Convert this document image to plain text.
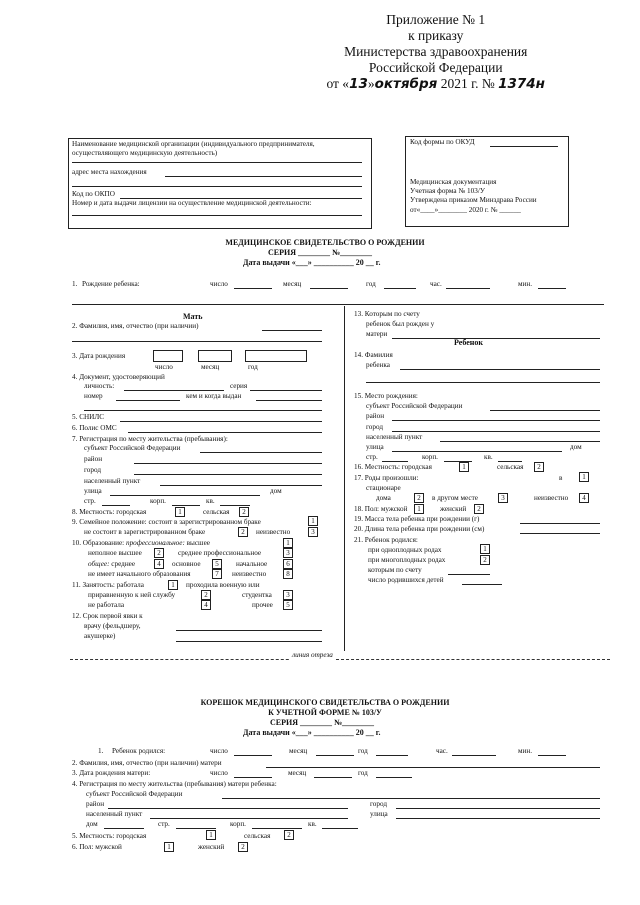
Приложение № 1
к приказу
Министерства здравоохранения
Российской Федерации
от «13»октября 2021 г. № 1374н
Наименование медицинской организации (индивидуального предпринимателя,
осуществляющего медицинскую деятельность)
адрес места нахождения
Код по ОКПО
Номер и дата выдачи лицензии на осуществление медицинской деятельности:
Код формы по ОКУД
Медицинская документация
Учетная форма № 103/У
Утверждена приказом Минздрава России
от«____»________ 2020 г. № ______
МЕДИЦИНСКОЕ СВИДЕТЕЛЬСТВО О РОЖДЕНИИ
СЕРИЯ ________ №________
Дата выдачи «___» __________ 20 __ г.
1. Рождение ребенка:	число	месяц	год	час.	мин.
Мать
2. Фамилия, имя, отчество (при наличии)
3. Дата рождения
число	месяц	год
4. Документ, удостоверяющий
личность:	серия
номер	кем и когда выдан
5. СНИЛС
6. Полис ОМС
7. Регистрация по месту жительства (пребывания):
субъект Российской Федерации
район
город
населенный пункт
улица	дом
стр.	корп.	кв.
8. Местность: городская	1	сельская	2
9. Семейное положение: состоит в зарегистрированном браке	1
не состоит в зарегистрированном браке	2	неизвестно	3
10. Образование: профессиональное: высшее	1
неполное высшее	2	среднее профессиональное	3
общее: среднее	4	основное	5	начальное	6
не имеет начального образования	7	неизвестно	8
11. Занятость: работала	1	проходила военную или
приравненную к ней службу	2	студентка	3
не работала	4	прочее	5
12. Срок первой явки к
врачу (фельдшеру,
акушерке)
13. Которым по счету
ребенок был рожден у
матери
Ребенок
14. Фамилия
ребенка
15. Место рождения:
субъект Российской Федерации
район
город
населенный пункт
улица	дом
стр.	корп.	кв.
16. Местность: городская	1	сельская	2
17. Роды произошли:	в	1
стационаре
дома	2	в другом месте	3	неизвестно	4
18. Пол: мужской	1	женский	2
19. Масса тела ребенка при рождении (г)
20. Длина тела ребенка при рождении (см)
21. Ребенок родился:
при одноплодных родах	1
при многоплодных родах	2
которым по счету
число родившихся детей
линия отреза
КОРЕШОК МЕДИЦИНСКОГО СВИДЕТЕЛЬСТВА О РОЖДЕНИИ
К УЧЕТНОЙ ФОРМЕ № 103/У
СЕРИЯ ________ №________
Дата выдачи «___» __________ 20 __ г.
1. Ребенок родился:	число	месяц	год	час.	мин.
2. Фамилия, имя, отчество (при наличии) матери
3. Дата рождения матери:	число	месяц	год
4. Регистрация по месту жительства (пребывания) матери ребенка:
субъект Российской Федерации
район	город
населенный пункт	улица
дом	стр.	корп.	кв.
5. Местность: городская	1	сельская	2
6. Пол: мужской	1	женский	2
